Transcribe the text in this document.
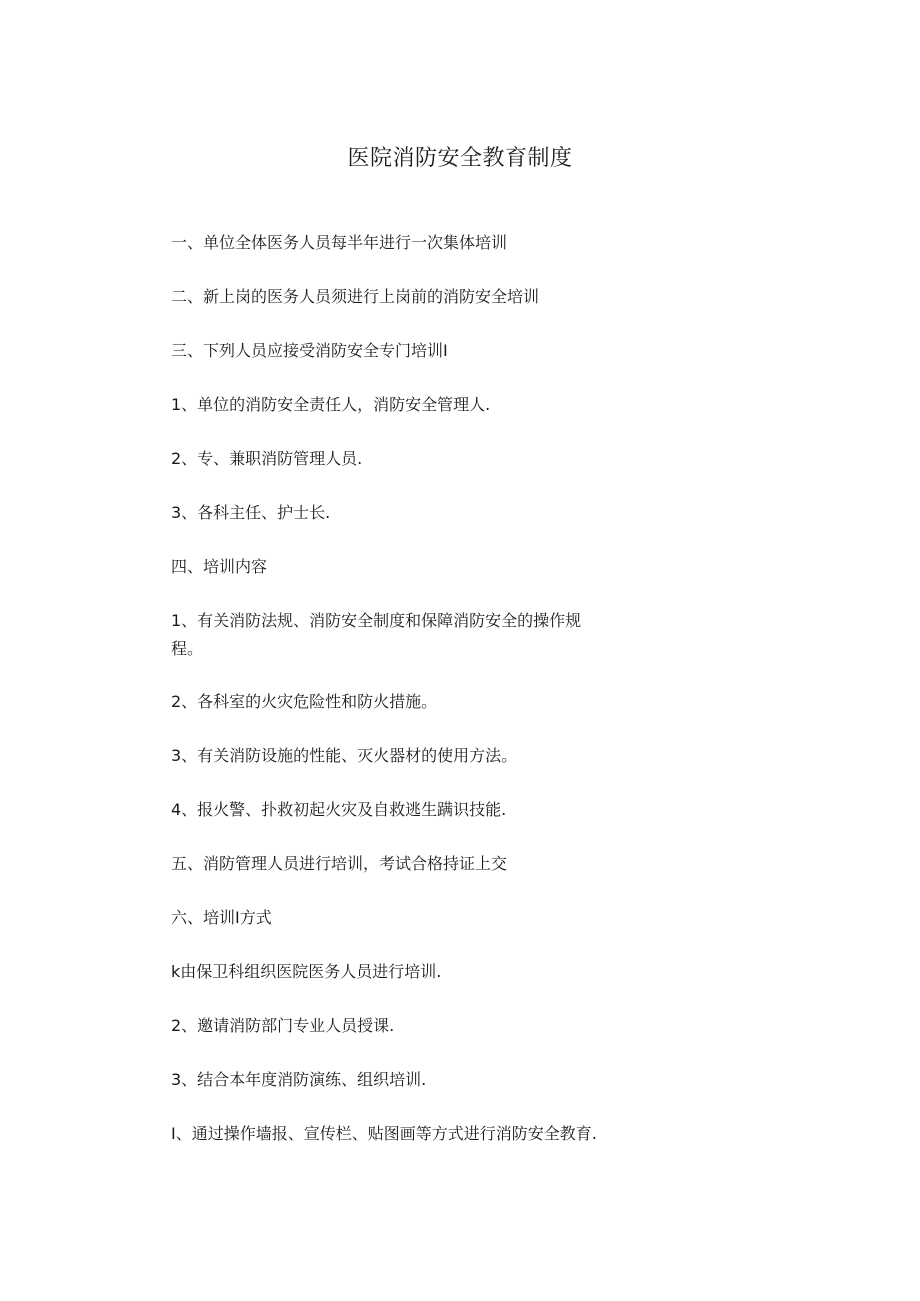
医院消防安全教育制度

一、单位全体医务人员每半年进行一次集体培训

二、新上岗的医务人员须进行上岗前的消防安全培训

三、下列人员应接受消防安全专门培训I

1、单位的消防安全责任人，消防安全管理人.

2、专、兼职消防管理人员.

3、各科主任、护士长.

四、培训内容

1、有关消防法规、消防安全制度和保障消防安全的操作规

程。

2、各科室的火灾危险性和防火措施。

3、有关消防设施的性能、灭火器材的使用方法。

4、报火警、扑救初起火灾及自救逃生蹒识技能.

五、消防管理人员进行培训，考试合格持证上交

六、培训I方式

k由保卫科组织医院医务人员进行培训.

2、邀请消防部门专业人员授课.

3、结合本年度消防演练、组织培训.

I、通过操作墙报、宣传栏、贴图画等方式进行消防安全教育.
